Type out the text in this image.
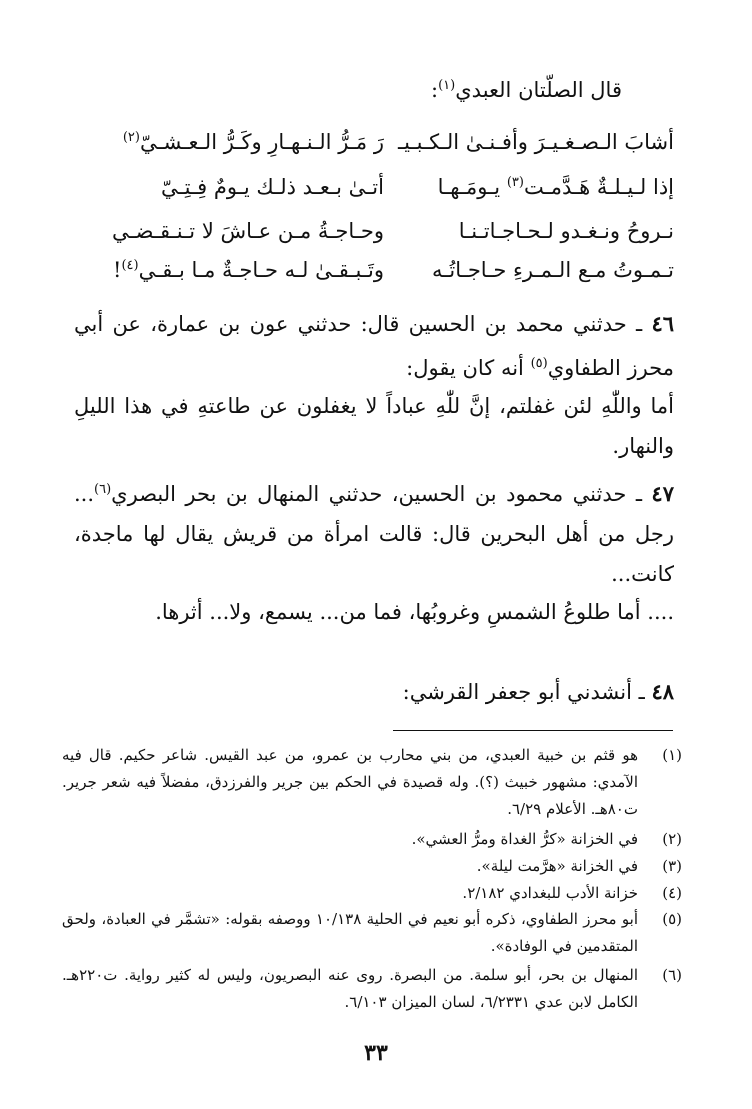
قال الصلّتان العبدي$^{(١)}$:
أشابَ الـصـغـيـرَ وأفـنـىٰ الـكـبـيـ
رَ مَـرُّ الـنـهـارِ وكَـرُّ الـعـشـيّ$^{(٢)}$
إذا لـيـلـةٌ هَـدَّمـت$^{(٣)}$ يـومَـهـا
أتـىٰ بـعـد ذلـك يـومٌ فِـتِـيّ
نـروحُ ونـغـدو لـحـاجـاتـنـا
وحـاجـةُ مـن عـاشَ لا تـنـقـضـي
تـمـوتُ مـع الـمـرءِ حـاجـاتُـه
وتَـبـقـىٰ لـه حـاجـةٌ مـا بـقـي$^{(٤)}$!
٤٦ ـ حدثني محمد بن الحسين قال: حدثني عون بن عمارة، عن أبي محرز الطفاوي$^{(٥)}$ أنه كان يقول:
أما واللّٰهِ لئن غفلتم، إنَّ للّٰهِ عباداً لا يغفلون عن طاعتهِ في هذا الليلِ والنهار.
٤٧ ـ حدثني محمود بن الحسين، حدثني المنهال بن بحر البصري$^{(٦)}$... رجل من أهل البحرين قال: قالت امرأة من قريش يقال لها ماجدة، كانت...
.... أما طلوعُ الشمسِ وغروبُها، فما من... يسمع، ولا... أثرها.
٤٨ ـ أنشدني أبو جعفر القرشي:
(١)
هو قثم بن خبية العبدي، من بني محارب بن عمرو، من عبد القيس. شاعر حكيم. قال فيه الآمدي: مشهور خبيث (؟). وله قصيدة في الحكم بين جرير والفرزدق، مفضلاً فيه شعر جرير. ت٨٠هـ. الأعلام ٦/٢٩.
(٢)
في الخزانة «كرُّ الغداة ومرُّ العشي».
(٣)
في الخزانة «هرَّمت ليلة».
(٤)
خزانة الأدب للبغدادي ٢/١٨٢.
(٥)
أبو محرز الطفاوي، ذكره أبو نعيم في الحلية ١٠/١٣٨ ووصفه بقوله: «تشمَّر في العبادة، ولحق المتقدمين في الوفادة».
(٦)
المنهال بن بحر، أبو سلمة. من البصرة. روى عنه البصريون، وليس له كثير رواية. ت٢٢٠هـ. الكامل لابن عدي ٦/٢٣٣١، لسان الميزان ٦/١٠٣.
٣٣
